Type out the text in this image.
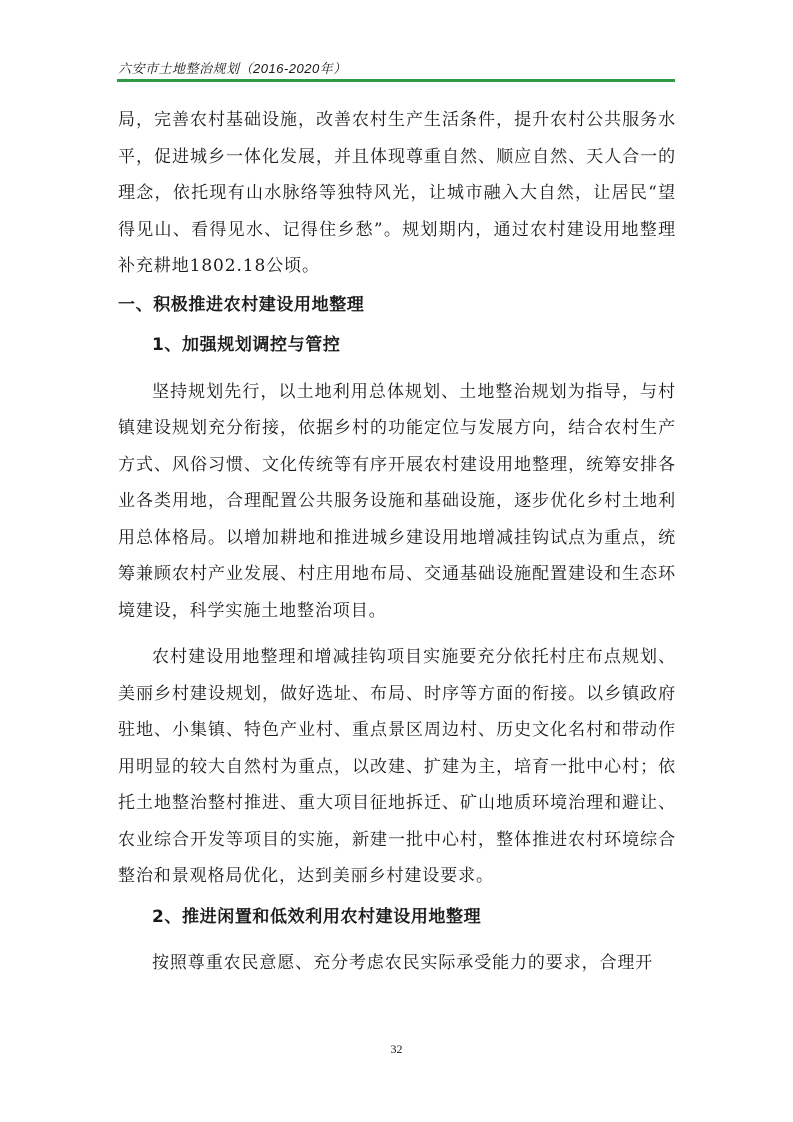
六安市土地整治规划（2016-2020年）

局，完善农村基础设施，改善农村生产生活条件，提升农村公共服务水平，促进城乡一体化发展，并且体现尊重自然、顺应自然、天人合一的理念，依托现有山水脉络等独特风光，让城市融入大自然，让居民“望得见山、看得见水、记得住乡愁”。规划期内，通过农村建设用地整理补充耕地1802.18公顷。

一、积极推进农村建设用地整理
1、加强规划调控与管控

坚持规划先行，以土地利用总体规划、土地整治规划为指导，与村镇建设规划充分衔接，依据乡村的功能定位与发展方向，结合农村生产方式、风俗习惯、文化传统等有序开展农村建设用地整理，统筹安排各业各类用地，合理配置公共服务设施和基础设施，逐步优化乡村土地利用总体格局。以增加耕地和推进城乡建设用地增减挂钩试点为重点，统筹兼顾农村产业发展、村庄用地布局、交通基础设施配置建设和生态环境建设，科学实施土地整治项目。

农村建设用地整理和增减挂钩项目实施要充分依托村庄布点规划、美丽乡村建设规划，做好选址、布局、时序等方面的衔接。以乡镇政府驻地、小集镇、特色产业村、重点景区周边村、历史文化名村和带动作用明显的较大自然村为重点，以改建、扩建为主，培育一批中心村；依托土地整治整村推进、重大项目征地拆迁、矿山地质环境治理和避让、农业综合开发等项目的实施，新建一批中心村，整体推进农村环境综合整治和景观格局优化，达到美丽乡村建设要求。

2、推进闲置和低效利用农村建设用地整理

按照尊重农民意愿、充分考虑农民实际承受能力的要求，合理开

32
